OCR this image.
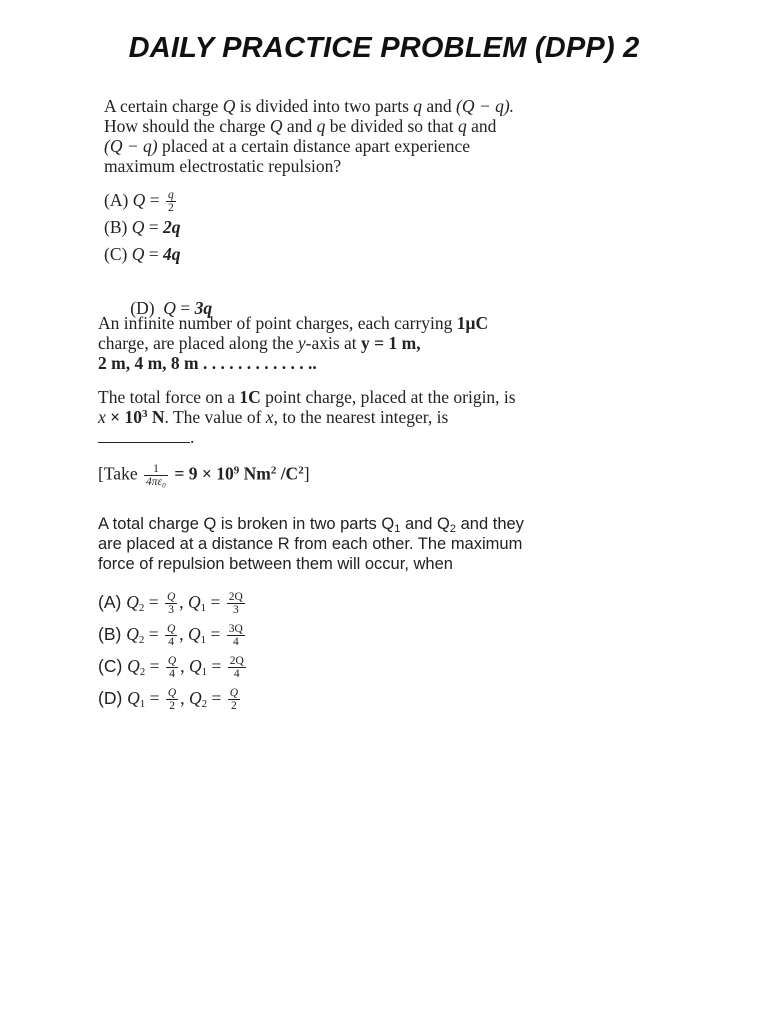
DAILY PRACTICE PROBLEM (DPP) 2

A certain charge Q is divided into two parts q and (Q − q).

How should the charge Q and q be divided so that q and

(Q − q) placed at a certain distance apart experience

maximum electrostatic repulsion?

(A) $Q = \frac{q}{2}$

(B) Q = 2q

(C) Q = 4q

(D)  Q = 3q

An infinite number of point charges, each carrying 1μC

charge, are placed along the y-axis at y = 1 m,

2 m, 4 m, 8 m . . . . . . . . . . . . ..

The total force on a 1C point charge, placed at the origin, is

$x \times 10^3$ N. The value of x, to the nearest integer, is

.

[Take $\frac{1}{\text{4πε₀}} = 9 \times 10^9$ Nm$^2$ $/C^2$]

A total charge Q is broken in two parts $Q_1$ and $Q_2$ and they

are placed at a distance R from each other. The maximum

force of repulsion between them will occur, when

(A) $Q_2 = \frac{Q}{3}$ , $Q_1 = \frac{2Q}{3}$

(B) $Q_2 = \frac{Q}{4}$ , $Q_1 = \frac{3Q}{4}$

(C) $Q_2 = \frac{Q}{4}$ , $Q_1 = \frac{2Q}{4}$

(D) $Q_1 = \frac{Q}{2}$ , $Q_2 = \frac{Q}{2}$
